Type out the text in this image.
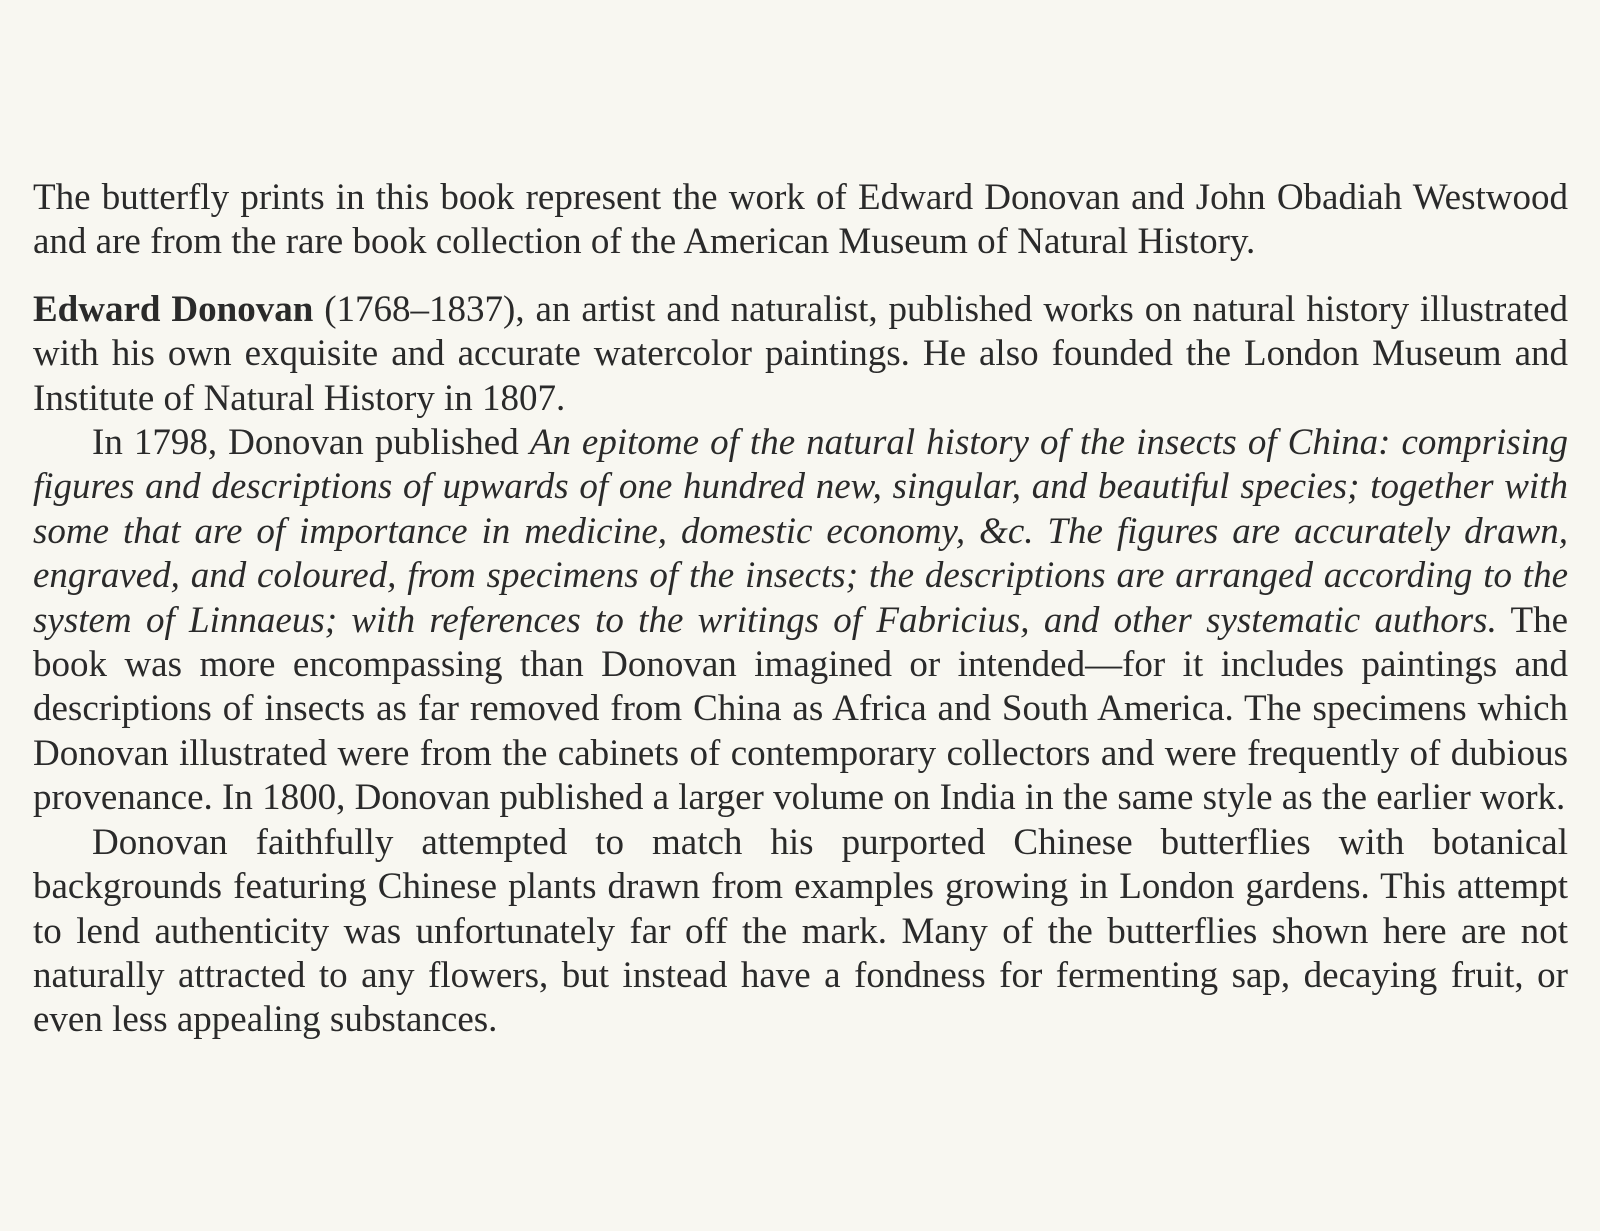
The butterfly prints in this book represent the work of Edward Donovan and John Obadiah Westwood and are from the rare book collection of the American Museum of Natural History.

Edward Donovan (1768–1837), an artist and naturalist, published works on natural history illustrated with his own exquisite and accurate watercolor paintings. He also founded the London Museum and Institute of Natural History in 1807.

In 1798, Donovan published An epitome of the natural history of the insects of China: comprising figures and descriptions of upwards of one hundred new, singular, and beautiful species; together with some that are of importance in medicine, domestic economy, &c. The figures are accurately drawn, engraved, and coloured, from specimens of the insects; the descriptions are arranged according to the system of Linnaeus; with references to the writings of Fabricius, and other systematic authors. The book was more encompassing than Donovan imagined or intended—for it includes paintings and descriptions of insects as far removed from China as Africa and South America. The specimens which Donovan illustrated were from the cabinets of contemporary collectors and were frequently of dubious provenance. In 1800, Donovan published a larger volume on India in the same style as the earlier work.

Donovan faithfully attempted to match his purported Chinese butterflies with botanical backgrounds featuring Chinese plants drawn from examples growing in London gardens. This attempt to lend authenticity was unfortunately far off the mark. Many of the butterflies shown here are not naturally attracted to any flowers, but instead have a fondness for fermenting sap, decaying fruit, or even less appealing substances.
